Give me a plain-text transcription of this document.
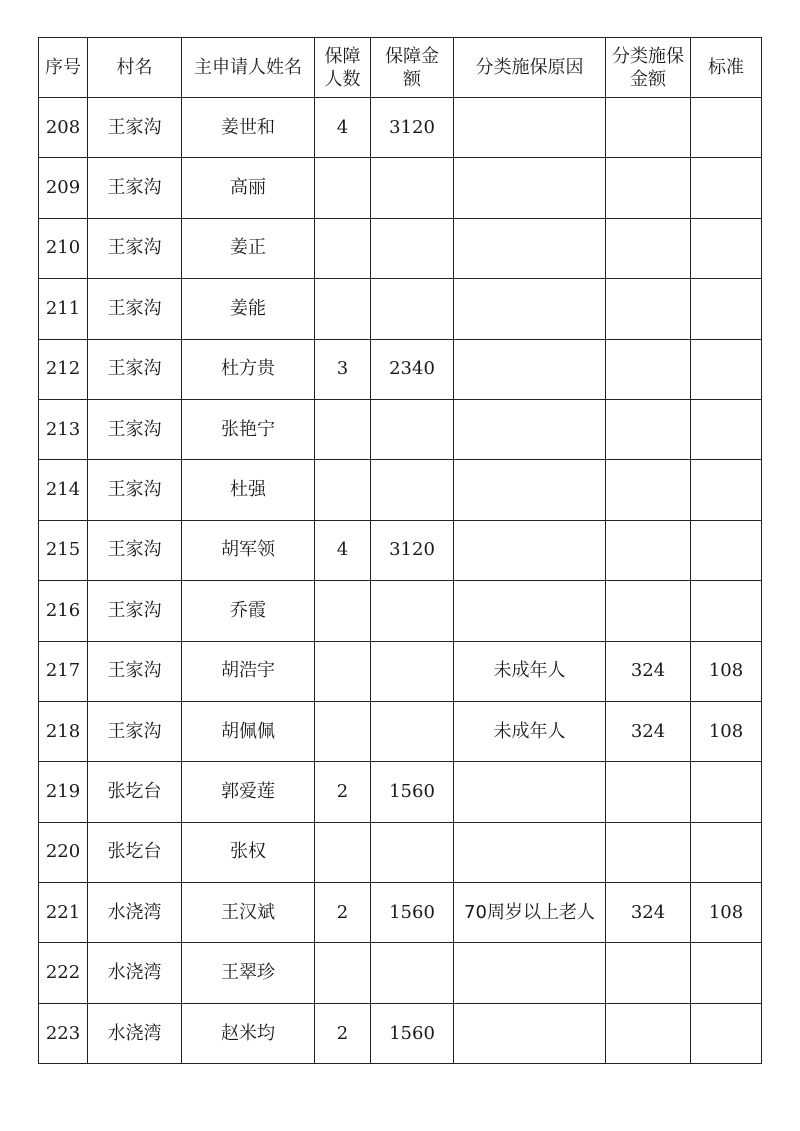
序号	村名	主申请人姓名	保障人数	保障金额	分类施保原因	分类施保金额	标准
208	王家沟	姜世和	4	3120			
209	王家沟	高丽					
210	王家沟	姜正					
211	王家沟	姜能					
212	王家沟	杜方贵	3	2340			
213	王家沟	张艳宁					
214	王家沟	杜强					
215	王家沟	胡军领	4	3120			
216	王家沟	乔霞					
217	王家沟	胡浩宇			未成年人	324	108
218	王家沟	胡佩佩			未成年人	324	108
219	张圪台	郭爱莲	2	1560			
220	张圪台	张权					
221	水浇湾	王汉斌	2	1560	70周岁以上老人	324	108
222	水浇湾	王翠珍					
223	水浇湾	赵米均	2	1560			
